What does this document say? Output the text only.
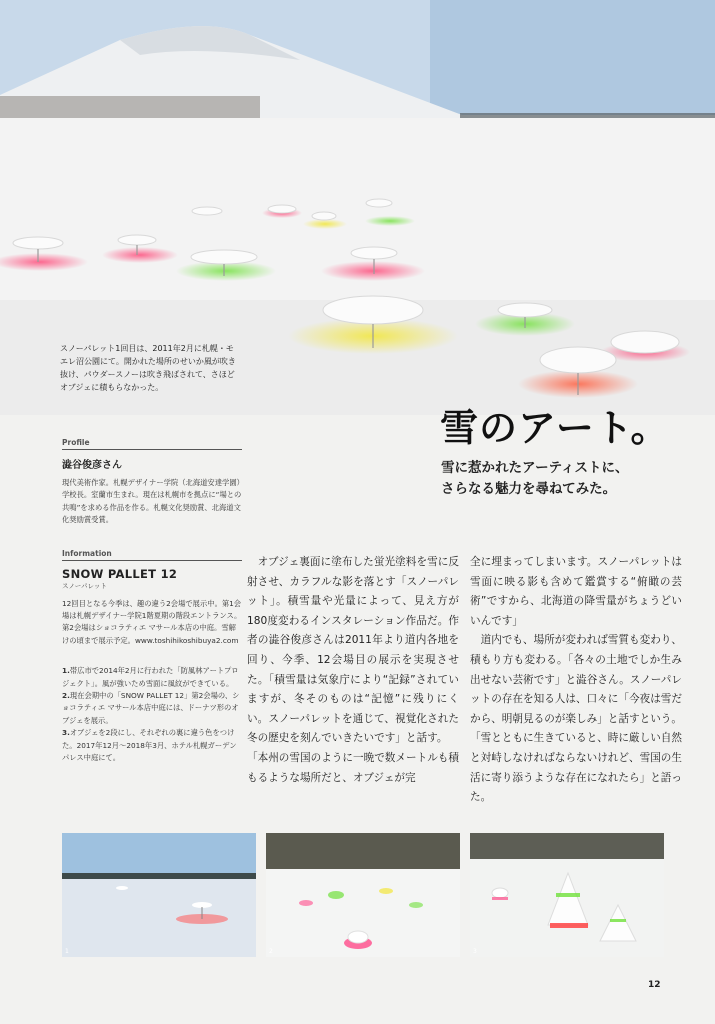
スノーパレット1回目は、2011年2月に札幌・モエレ沼公園にて。開かれた場所のせいか風が吹き抜け、パウダースノーは吹き飛ばされて、さほどオブジェに積もらなかった。
雪のアート。
雪に惹かれたアーティストに、
さらなる魅力を尋ねてみた。
Profile
澁谷俊彦さん
現代美術作家。札幌デザイナー学院（北海道安達学園）学校長。室蘭市生まれ。現在は札幌市を拠点に“場との共鳴”を求める作品を作る。札幌文化奨励賞、北海道文化奨励賞受賞。
Information
SNOW PALLET 12
スノーパレット
12回目となる今季は、趣の違う2会場で展示中。第1会場は札幌デザイナー学院1階夏期の階段エントランス。第2会場はショコラティエ マサール本店の中庭。雪解けの頃まで展示予定。www.toshihikoshibuya2.com
1.帯広市で2014年2月に行われた「防風林アートプロジェクト」。風が強いため雪面に風紋ができている。
2.現在会期中の「SNOW PALLET 12」第2会場の、ショコラティエ マサール本店中庭には、ドーナツ形のオブジェを展示。
3.オブジェを2段にし、それぞれの裏に違う色をつけた。2017年12月～2018年3月、ホテル札幌ガーデンパレス中庭にて。

オブジェ裏面に塗布した蛍光塗料を雪に反射させ、カラフルな影を落とす「スノーパレット」。積雪量や光量によって、見え方が180度変わるインスタレーション作品だ。作者の澁谷俊彦さんは2011年より道内各地を回り、今季、12会場目の展示を実現させた。「積雪量は気象庁により“記録”されていますが、冬そのものは“記憶”に残りにくい。スノーパレットを通じて、視覚化された冬の歴史を刻んでいきたいです」と話す。

「本州の雪国のように一晩で数メートルも積もるような場所だと、オブジェが完

全に埋まってしまいます。スノーパレットは雪面に映る影も含めて鑑賞する“俯瞰の芸術”ですから、北海道の降雪量がちょうどいいんです」

道内でも、場所が変われば雪質も変わり、積もり方も変わる。「各々の土地でしか生み出せない芸術です」と澁谷さん。スノーパレットの存在を知る人は、口々に「今夜は雪だから、明朝見るのが楽しみ」と話すという。「雪とともに生きていると、時に厳しい自然と対峙しなければならないけれど、雪国の生活に寄り添うような存在になれたら」と語った。

1	2	3
12
